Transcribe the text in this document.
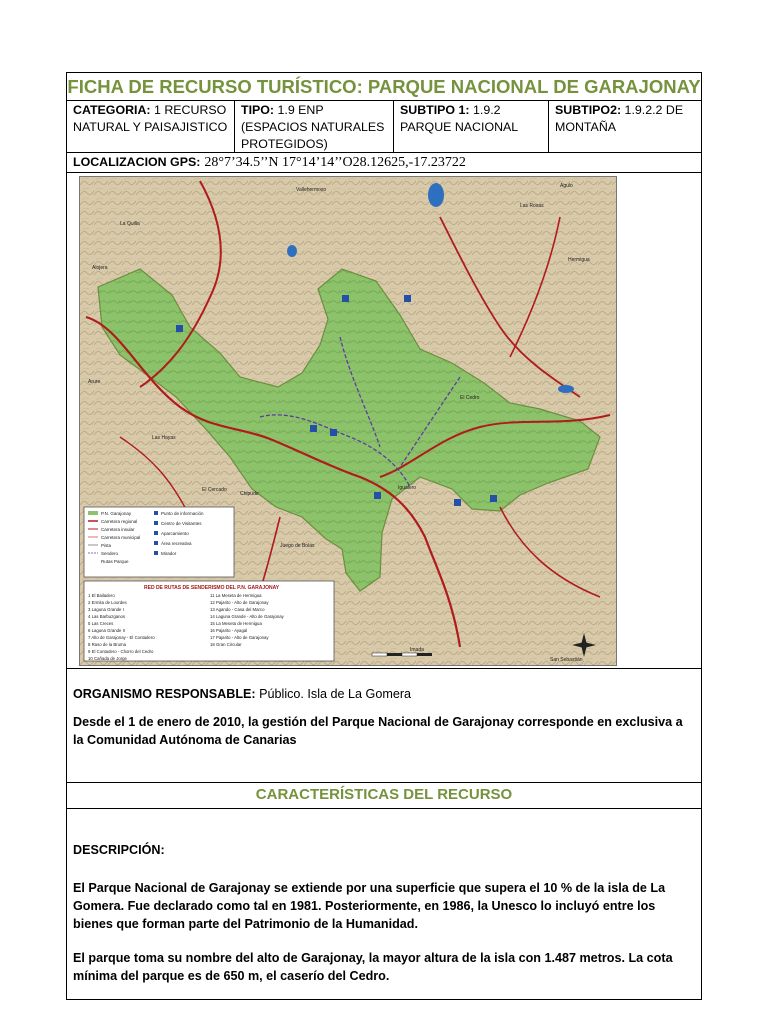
FICHA DE RECURSO TURÍSTICO: PARQUE NACIONAL DE GARAJONAY
CATEGORIA: 1 RECURSO
NATURAL Y PAISAJISTICO
TIPO: 1.9 ENP
(ESPACIOS NATURALES
PROTEGIDOS)
SUBTIPO 1: 1.9.2
PARQUE NACIONAL
SUBTIPO2: 1.9.2.2 DE
MONTAÑA
LOCALIZACION GPS: 28°7’34.5’’N 17°14’14’’O28.12625,-17.23722
P.N. Garajonay
Carretera regional
Carretera insular
Carretera municipal
Pista
Sendero
Rutas Parque
Punto de información
Centro de Visitantes
Aparcamiento
Área recreativa
Mirador
RED DE RUTAS DE SENDERISMO DEL P.N. GARAJONAY
1 El Bailadero
2 Ermita de Lourdes
3 Laguna Grande I
4 Las Barbuzganos
5 Las Creces
6 Laguna Grande II
7 Alto de Garajonay - El Contadero
8 Raso de la Bruma
9 El Contadero - Chorro del Cedro
10 Cañada de Jorge
11 La Meseta de Hermigua
12 Pajarito - Alto de Garajonay
13 Agando - Casa del Marco
14 Laguna Grande - Alto de Garajonay
15 La Meseta de Hermigua
16 Pajarito - Ayagal
17 Pajarito - Alto de Garajonay
18 Gran Circular
Vallehermoso
Alojera
La Quilla
Arure
Las Hayas
El Cercado
Chipude
Igualero
Hermigua
El Cedro
Agulo
Imada
San Sebastián
Las Rosas
Juego de Bolas

ORGANISMO RESPONSABLE: Público. Isla de La Gomera

Desde el 1 de enero de 2010, la gestión del Parque Nacional de Garajonay corresponde en exclusiva a la Comunidad Autónoma de Canarias

CARACTERÍSTICAS DEL RECURSO
DESCRIPCIÓN:
El Parque Nacional de Garajonay se extiende por una superficie que supera el 10 % de la isla de La Gomera. Fue declarado como tal en 1981. Posteriormente, en 1986, la Unesco lo incluyó entre los bienes que forman parte del Patrimonio de la Humanidad.
El parque toma su nombre del alto de Garajonay, la mayor altura de la isla con 1.487 metros. La cota mínima del parque es de 650 m, el caserío del Cedro.
